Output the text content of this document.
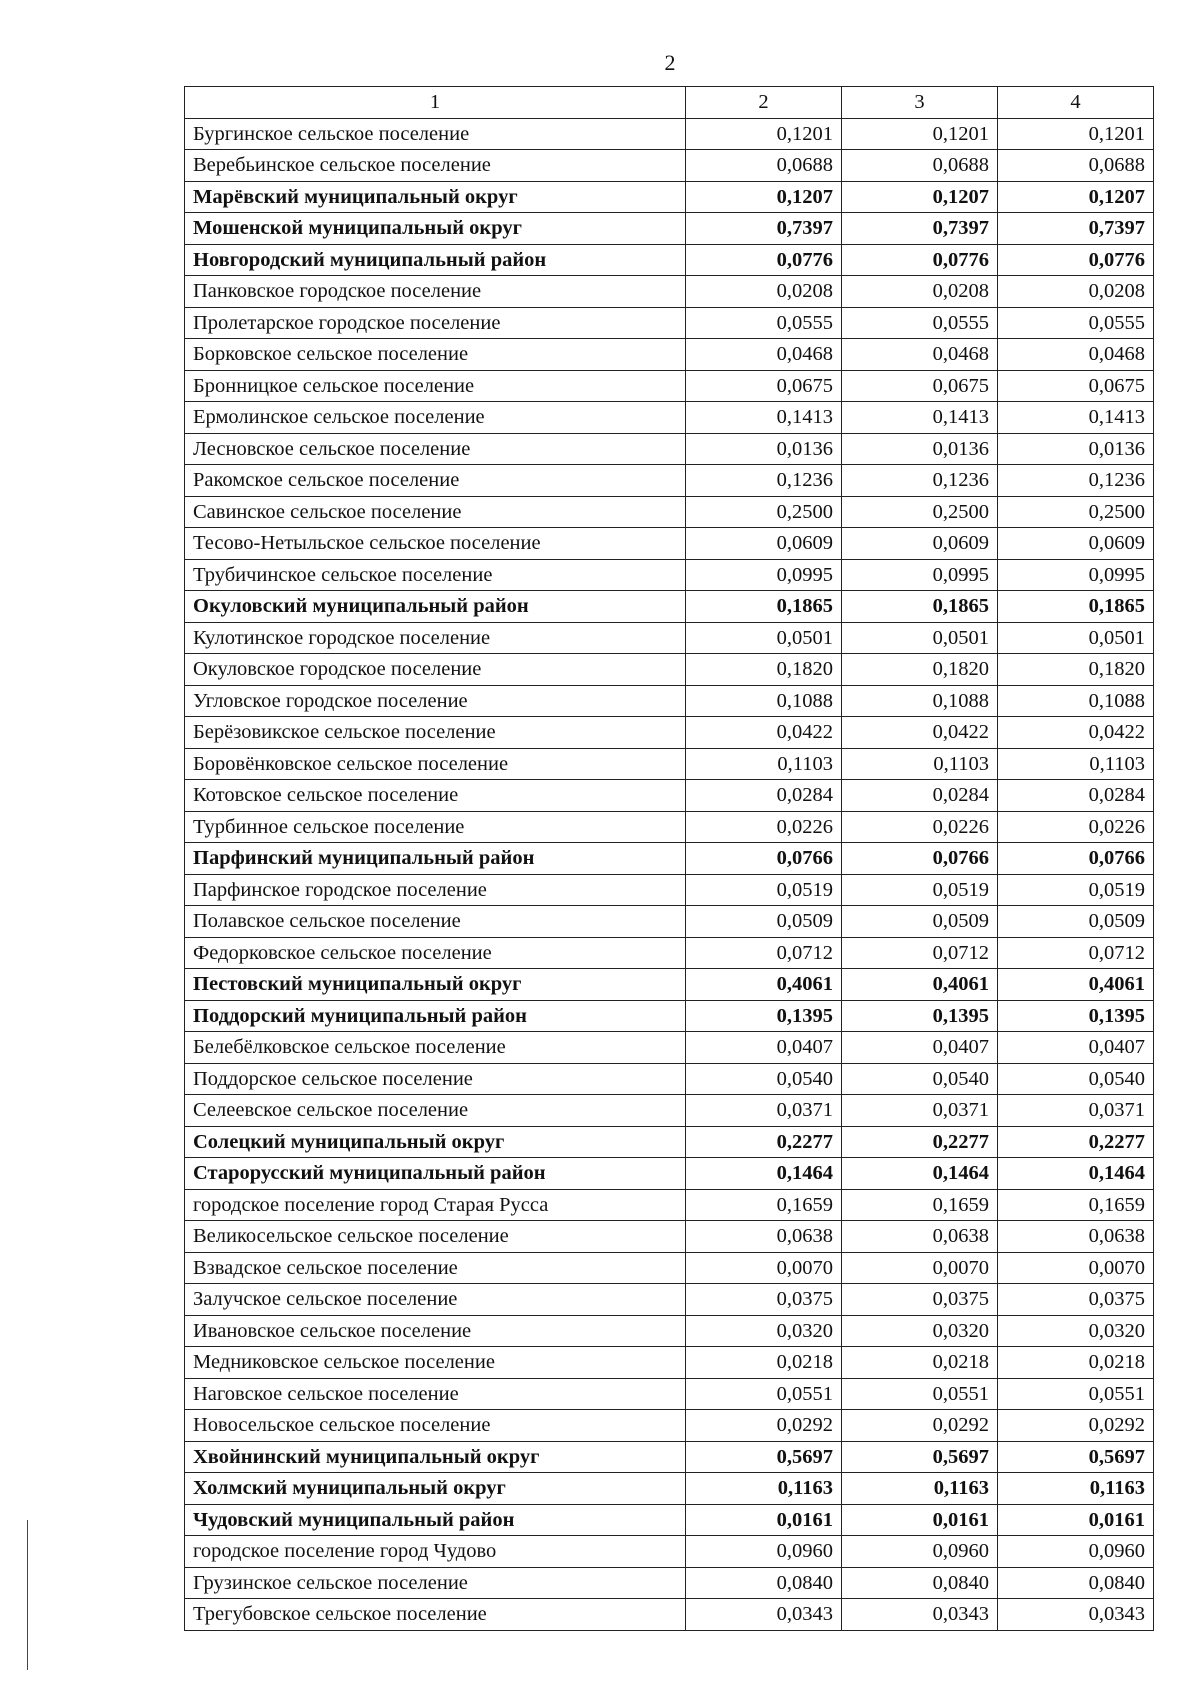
2
1	2	3	4
Бургинское сельское поселение	0,1201	0,1201	0,1201
Веребьинское сельское поселение	0,0688	0,0688	0,0688
Марёвский муниципальный округ	0,1207	0,1207	0,1207
Мошенской муниципальный округ	0,7397	0,7397	0,7397
Новгородский муниципальный район	0,0776	0,0776	0,0776
Панковское городское поселение	0,0208	0,0208	0,0208
Пролетарское городское поселение	0,0555	0,0555	0,0555
Борковское сельское поселение	0,0468	0,0468	0,0468
Бронницкое сельское поселение	0,0675	0,0675	0,0675
Ермолинское сельское поселение	0,1413	0,1413	0,1413
Лесновское сельское поселение	0,0136	0,0136	0,0136
Ракомское сельское поселение	0,1236	0,1236	0,1236
Савинское сельское поселение	0,2500	0,2500	0,2500
Тесово-Нетыльское сельское поселение	0,0609	0,0609	0,0609
Трубичинское сельское поселение	0,0995	0,0995	0,0995
Окуловский муниципальный район	0,1865	0,1865	0,1865
Кулотинское городское поселение	0,0501	0,0501	0,0501
Окуловское городское поселение	0,1820	0,1820	0,1820
Угловское городское поселение	0,1088	0,1088	0,1088
Берёзовикское сельское поселение	0,0422	0,0422	0,0422
Боровёнковское сельское поселение	0,1103	0,1103	0,1103
Котовское сельское поселение	0,0284	0,0284	0,0284
Турбинное сельское поселение	0,0226	0,0226	0,0226
Парфинский муниципальный район	0,0766	0,0766	0,0766
Парфинское городское поселение	0,0519	0,0519	0,0519
Полавское сельское поселение	0,0509	0,0509	0,0509
Федорковское сельское поселение	0,0712	0,0712	0,0712
Пестовский муниципальный округ	0,4061	0,4061	0,4061
Поддорский муниципальный район	0,1395	0,1395	0,1395
Белебёлковское сельское поселение	0,0407	0,0407	0,0407
Поддорское сельское поселение	0,0540	0,0540	0,0540
Селеевское сельское поселение	0,0371	0,0371	0,0371
Солецкий муниципальный округ	0,2277	0,2277	0,2277
Старорусский муниципальный район	0,1464	0,1464	0,1464
городское поселение город Старая Русса	0,1659	0,1659	0,1659
Великосельское сельское поселение	0,0638	0,0638	0,0638
Взвадское сельское поселение	0,0070	0,0070	0,0070
Залучское сельское поселение	0,0375	0,0375	0,0375
Ивановское сельское поселение	0,0320	0,0320	0,0320
Медниковское сельское поселение	0,0218	0,0218	0,0218
Наговское сельское поселение	0,0551	0,0551	0,0551
Новосельское сельское поселение	0,0292	0,0292	0,0292
Хвойнинский муниципальный округ	0,5697	0,5697	0,5697
Холмский муниципальный округ	0,1163	0,1163	0,1163
Чудовский муниципальный район	0,0161	0,0161	0,0161
городское поселение город Чудово	0,0960	0,0960	0,0960
Грузинское сельское поселение	0,0840	0,0840	0,0840
Трегубовское сельское поселение	0,0343	0,0343	0,0343
